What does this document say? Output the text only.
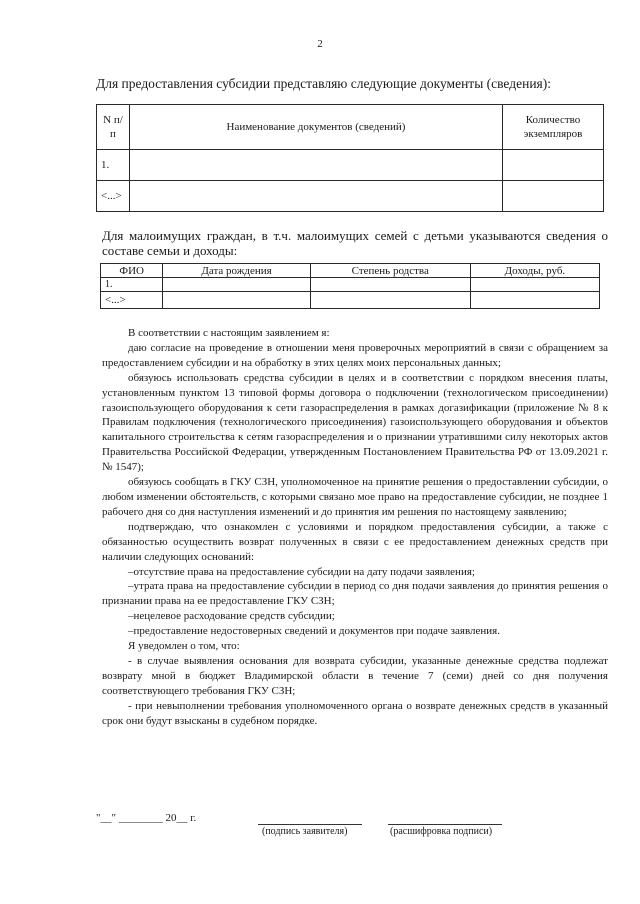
2
Для предоставления субсидии представляю следующие документы (сведения):
N п/п	Наименование документов (сведений)	Количество экземпляров
1.		
<...>		
Для малоимущих граждан, в т.ч. малоимущих семей с детьми указываются сведения о составе семьи и доходы:
ФИО	Дата рождения	Степень родства	Доходы, руб.
1.			
<...>			

В соответствии с настоящим заявлением я:

даю согласие на проведение в отношении меня проверочных мероприятий в связи с обращением за предоставлением субсидии и на обработку в этих целях моих персональных данных;

обязуюсь использовать средства субсидии в целях и в соответствии с порядком внесения платы, установленным пунктом 13 типовой формы договора о подключении (технологическом присоединении) газоиспользующего оборудования к сети газораспределения в рамках догазификации (приложение № 8 к Правилам подключения (технологического присоединения) газоиспользующего оборудования и объектов капитального строительства к сетям газораспределения и о признании утратившими силу некоторых актов Правительства Российской Федерации, утвержденным Постановлением Правительства РФ от 13.09.2021 г. № 1547);

обязуюсь сообщать в ГКУ СЗН, уполномоченное на принятие решения о предоставлении субсидии, о любом изменении обстоятельств, с которыми связано мое право на предоставление субсидии, не позднее 1 рабочего дня со дня наступления изменений и до принятия им решения по настоящему заявлению;

подтверждаю, что ознакомлен с условиями и порядком предоставления субсидии, а также с обязанностью осуществить возврат полученных в связи с ее предоставлением денежных средств при наличии следующих оснований:

–отсутствие права на предоставление субсидии на дату подачи заявления;

–утрата права на предоставление субсидии в период со дня подачи заявления до принятия решения о признании права на ее предоставление ГКУ СЗН;

–нецелевое расходование средств субсидии;

–предоставление недостоверных сведений и документов при подаче заявления.

Я уведомлен о том, что:

- в случае выявления основания для возврата субсидии, указанные денежные средства подлежат возврату мной в бюджет Владимирской области в течение 7 (семи) дней со дня получения соответствующего требования ГКУ СЗН;

- при невыполнении требования уполномоченного органа о возврате денежных средств в указанный срок они будут взысканы в судебном порядке.

"__" ________ 20__ г.
(подпись заявителя)	(расшифровка подписи)
